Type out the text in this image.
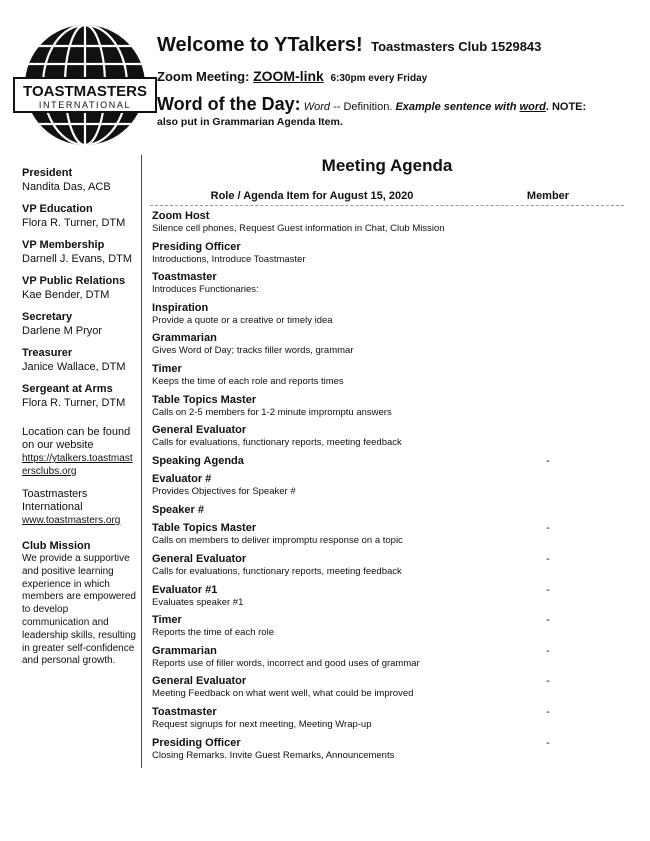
TOASTMASTERS
INTERNATIONAL
Welcome to YTalkers! Toastmasters Club 1529843
Zoom Meeting: ZOOM-link 6:30pm every Friday
Word of the Day: Word -- Definition. Example sentence with word. NOTE:
also put in Grammarian Agenda Item.
President
Nandita Das, ACB
VP Education
Flora R. Turner, DTM
VP Membership
Darnell J. Evans, DTM
VP Public Relations
Kae Bender, DTM
Secretary
Darlene M Pryor
Treasurer
Janice Wallace, DTM
Sergeant at Arms
Flora R. Turner, DTM
Location can be found on our website
https://ytalkers.toastmastersclubs.org
Toastmasters International
www.toastmasters.org
Club Mission
We provide a supportive and positive learning experience in which members are empowered to develop communication and leadership skills, resulting in greater self-confidence and personal growth.
Meeting Agenda
Role / Agenda Item for August 15, 2020	Member
Zoom Host
Silence cell phones, Request Guest information in Chat, Club Mission
Presiding Officer
Introductions, Introduce Toastmaster
Toastmaster
Introduces Functionaries:
Inspiration
Provide a quote or a creative or timely idea
Grammarian
Gives Word of Day; tracks filler words, grammar
Timer
Keeps the time of each role and reports times
Table Topics Master
Calls on 2-5 members for 1-2 minute impromptu answers
General Evaluator
Calls for evaluations, functionary reports, meeting feedback
Speaking Agenda	-
Evaluator #
Provides Objectives for Speaker #
Speaker #
Table Topics Master
Calls on members to deliver impromptu response on a topic
-
General Evaluator
Calls for evaluations, functionary reports, meeting feedback
-
Evaluator #1
Evaluates speaker #1
-
Timer
Reports the time of each role
-
Grammarian
Reports use of filler words, incorrect and good uses of grammar
-
General Evaluator
Meeting Feedback on what went well, what could be improved
-
Toastmaster
Request signups for next meeting, Meeting Wrap-up
-
Presiding Officer
Closing Remarks. Invite Guest Remarks, Announcements
-
